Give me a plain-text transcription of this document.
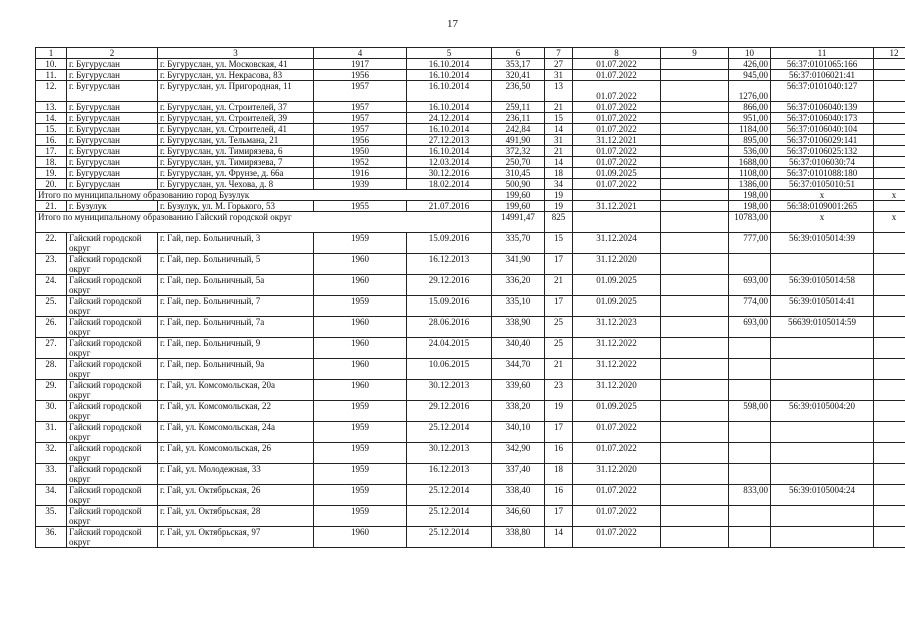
17
1	2	3	4	5	6	7	8	9	10	11	12
10.	г. Бугуруслан	г. Бугуруслан, ул. Московская, 41	1917	16.10.2014	353,17	27	01.07.2022		426,00	56:37:0101065:166	
11.	г. Бугуруслан	г. Бугуруслан, ул. Некрасова, 83	1956	16.10.2014	320,41	31	01.07.2022		945,00	56:37:0106021:41	
12.	г. Бугуруслан	г. Бугуруслан, ул. Пригородная, 11	1957	16.10.2014	236,50	13	01.07.2022		1276,00	56:37:0101040:127	
13.	г. Бугуруслан	г. Бугуруслан, ул. Строителей, 37	1957	16.10.2014	259,11	21	01.07.2022		866,00	56:37:0106040:139	
14.	г. Бугуруслан	г. Бугуруслан, ул. Строителей, 39	1957	24.12.2014	236,11	15	01.07.2022		951,00	56:37:0106040:173	
15.	г. Бугуруслан	г. Бугуруслан, ул. Строителей, 41	1957	16.10.2014	242,84	14	01.07.2022		1184,00	56:37:0106040:104	
16.	г. Бугуруслан	г. Бугуруслан, ул. Тельмана, 21	1956	27.12.2013	491,90	31	31.12.2021		895,00	56:37:0106029:141	
17.	г. Бугуруслан	г. Бугуруслан, ул. Тимирязева, 6	1950	16.10.2014	372,32	21	01.07.2022		536,00	56:37:0106025:132	
18.	г. Бугуруслан	г. Бугуруслан, ул. Тимирязева, 7	1952	12.03.2014	250,70	14	01.07.2022		1688,00	56:37:0106030:74	
19.	г. Бугуруслан	г. Бугуруслан, ул. Фрунзе, д. 66а	1916	30.12.2016	310,45	18	01.09.2025		1108,00	56:37:0101088:180	
20.	г. Бугуруслан	г. Бугуруслан, ул. Чехова, д. 8	1939	18.02.2014	500,90	34	01.07.2022		1386,00	56:37:0105010:51	
Итого по муниципальному образованию город Бузулук					199,60	19			198,00	х	х
21.	г. Бузулук	г. Бузулук, ул. М. Горького, 53	1955	21.07.2016	199,60	19	31.12.2021		198,00	56:38:0109001:265	
Итого по муниципальному образованию Гайский городской округ					14991,47	825			10783,00	х	х
22.	Гайский городской округ	г. Гай, пер. Больничный, 3	1959	15.09.2016	335,70	15	31.12.2024		777,00	56:39:0105014:39	
23.	Гайский городской округ	г. Гай, пер. Больничный, 5	1960	16.12.2013	341,90	17	31.12.2020				
24.	Гайский городской округ	г. Гай, пер. Больничный, 5а	1960	29.12.2016	336,20	21	01.09.2025		693,00	56:39:0105014:58	
25.	Гайский городской округ	г. Гай, пер. Больничный, 7	1959	15.09.2016	335,10	17	01.09.2025		774,00	56:39:0105014:41	
26.	Гайский городской округ	г. Гай, пер. Больничный, 7а	1960	28.06.2016	338,90	25	31.12.2023		693,00	56639:0105014:59	
27.	Гайский городской округ	г. Гай, пер. Больничный, 9	1960	24.04.2015	340,40	25	31.12.2022				
28.	Гайский городской округ	г. Гай, пер. Больничный, 9а	1960	10.06.2015	344,70	21	31.12.2022				
29.	Гайский городской округ	г. Гай, ул. Комсомольская, 20а	1960	30.12.2013	339,60	23	31.12.2020				
30.	Гайский городской округ	г. Гай, ул. Комсомольская, 22	1959	29.12.2016	338,20	19	01.09.2025		598,00	56:39:0105004:20	
31.	Гайский городской округ	г. Гай, ул. Комсомольская, 24а	1959	25.12.2014	340,10	17	01.07.2022				
32.	Гайский городской округ	г. Гай, ул. Комсомольская, 26	1959	30.12.2013	342,90	16	01.07.2022				
33.	Гайский городской округ	г. Гай, ул. Молодежная, 33	1959	16.12.2013	337,40	18	31.12.2020				
34.	Гайский городской округ	г. Гай, ул. Октябрьская, 26	1959	25.12.2014	338,40	16	01.07.2022		833,00	56:39:0105004:24	
35.	Гайский городской округ	г. Гай, ул. Октябрьская, 28	1959	25.12.2014	346,60	17	01.07.2022				
36.	Гайский городской округ	г. Гай, ул. Октябрьская, 97	1960	25.12.2014	338,80	14	01.07.2022				
